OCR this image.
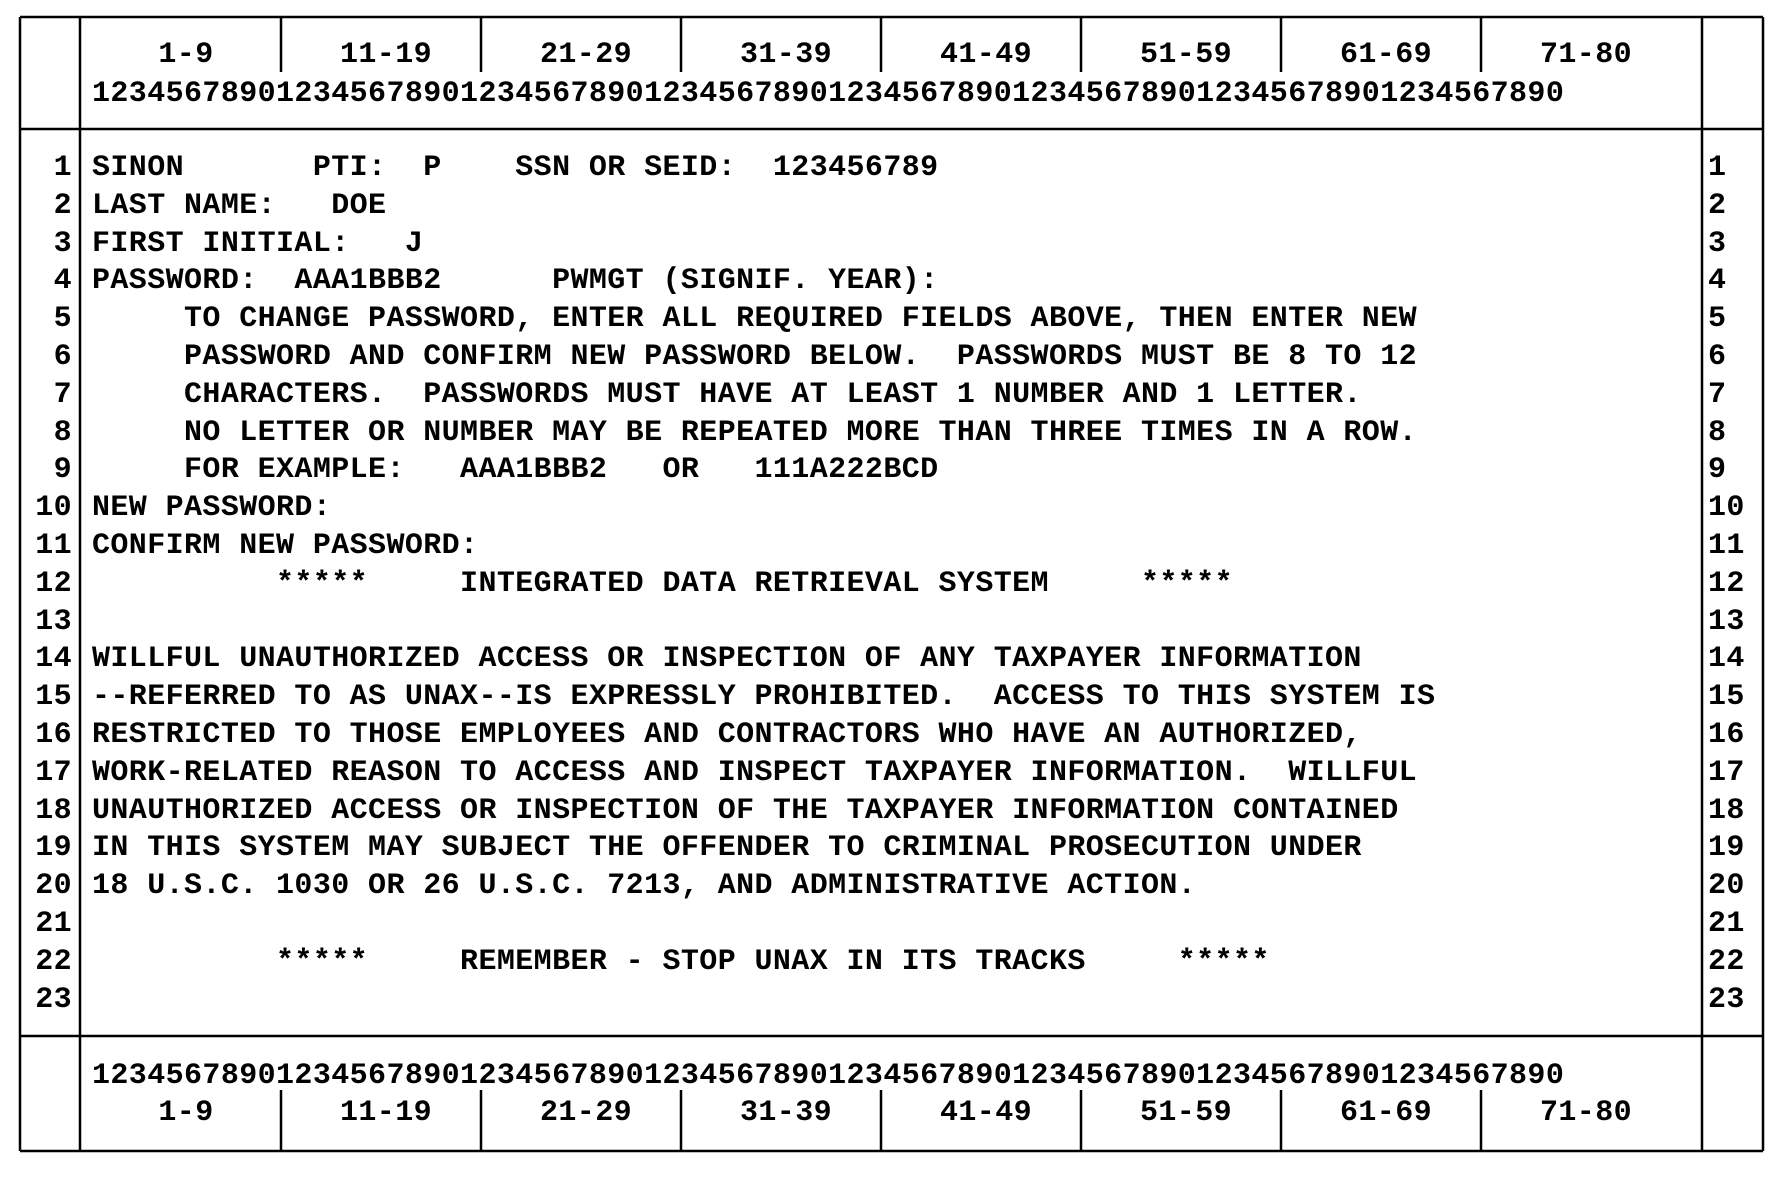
1-9	11-19	21-29	31-39	41-49	51-59	61-69	71-80
12345678901234567890123456789012345678901234567890123456789012345678901234567890
1 SINON       PTI:  P    SSN OR SEID:  123456789	1
2 LAST NAME:   DOE	2
3 FIRST INITIAL:   J	3
4 PASSWORD:  AAA1BBB2      PWMGT (SIGNIF. YEAR):	4
5 TO CHANGE PASSWORD, ENTER ALL REQUIRED FIELDS ABOVE, THEN ENTER NEW	5
6 PASSWORD AND CONFIRM NEW PASSWORD BELOW.  PASSWORDS MUST BE 8 TO 12	6
7 CHARACTERS.  PASSWORDS MUST HAVE AT LEAST 1 NUMBER AND 1 LETTER.	7
8 NO LETTER OR NUMBER MAY BE REPEATED MORE THAN THREE TIMES IN A ROW.	8
9 FOR EXAMPLE:   AAA1BBB2   OR   111A222BCD	9
10 NEW PASSWORD:	10
11 CONFIRM NEW PASSWORD:	11
12 *****     INTEGRATED DATA RETRIEVAL SYSTEM     *****	12
13	13
14 WILLFUL UNAUTHORIZED ACCESS OR INSPECTION OF ANY TAXPAYER INFORMATION	14
15 --REFERRED TO AS UNAX--IS EXPRESSLY PROHIBITED.  ACCESS TO THIS SYSTEM IS	15
16 RESTRICTED TO THOSE EMPLOYEES AND CONTRACTORS WHO HAVE AN AUTHORIZED,	16
17 WORK-RELATED REASON TO ACCESS AND INSPECT TAXPAYER INFORMATION.  WILLFUL	17
18 UNAUTHORIZED ACCESS OR INSPECTION OF THE TAXPAYER INFORMATION CONTAINED	18
19 IN THIS SYSTEM MAY SUBJECT THE OFFENDER TO CRIMINAL PROSECUTION UNDER	19
20 18 U.S.C. 1030 OR 26 U.S.C. 7213, AND ADMINISTRATIVE ACTION.	20
21	21
22 *****     REMEMBER - STOP UNAX IN ITS TRACKS     *****	22
23	23
12345678901234567890123456789012345678901234567890123456789012345678901234567890
1-9	11-19	21-29	31-39	41-49	51-59	61-69	71-80
